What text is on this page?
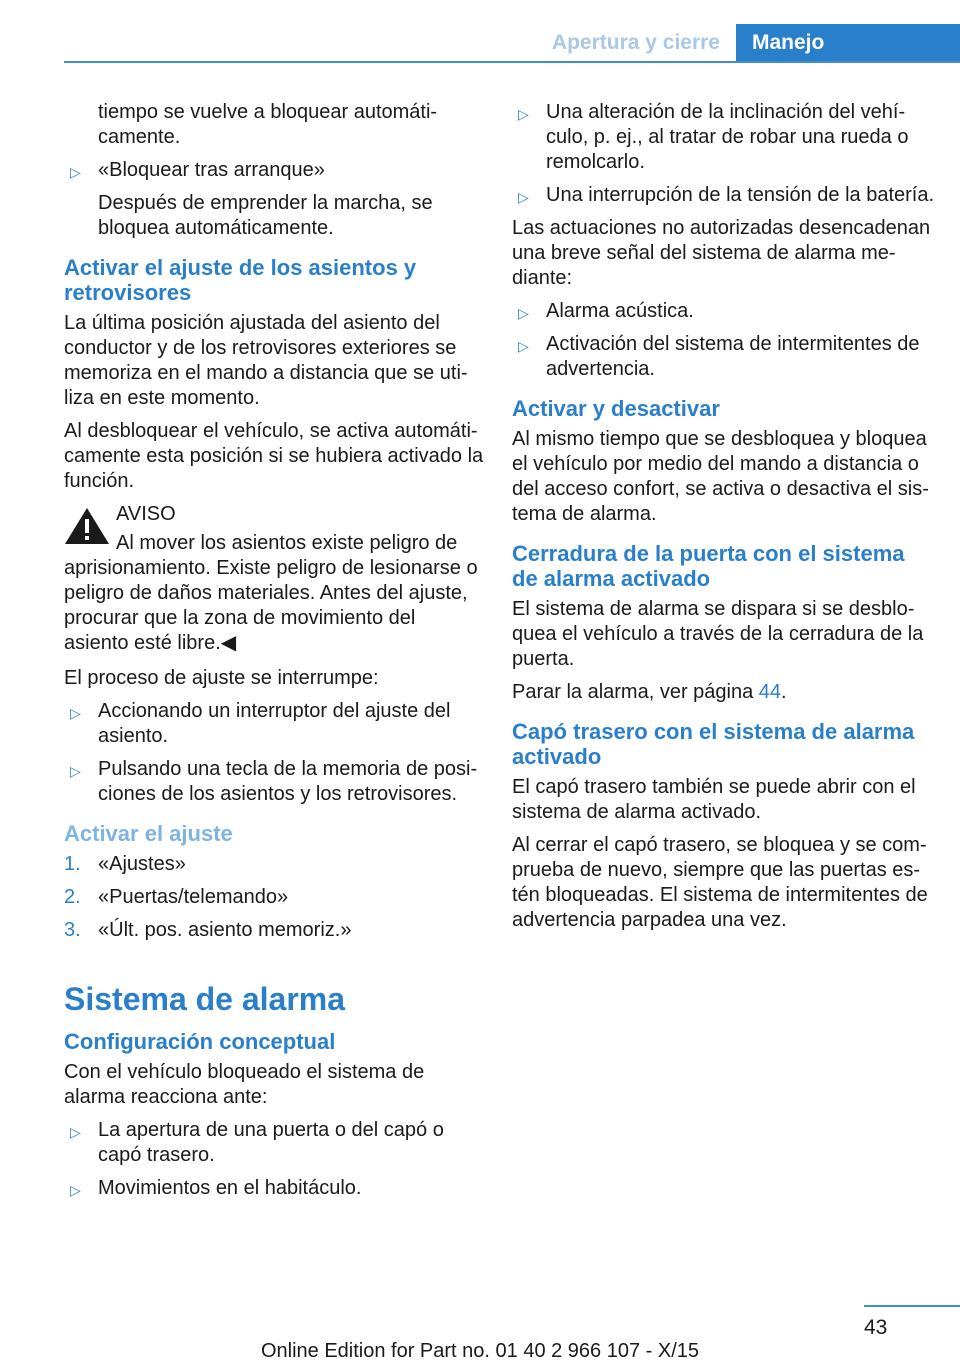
Apertura y cierre	Manejo

tiempo se vuelve a bloquear automáti‐ camente.

▷ «Bloquear tras arranque»

Después de emprender la marcha, se bloquea automáticamente.

Activar el ajuste de los asientos y retrovisores

La última posición ajustada del asiento del conductor y de los retrovisores exteriores se memoriza en el mando a distancia que se uti‐ liza en este momento.

Al desbloquear el vehículo, se activa automáti‐ camente esta posición si se hubiera activado la función.

AVISO

Al mover los asientos existe peligro de aprisionamiento. Existe peligro de lesionarse o peligro de daños materiales. Antes del ajuste, procurar que la zona de movimiento del asiento esté libre.◀

El proceso de ajuste se interrumpe:

▷ Accionando un interruptor del ajuste del asiento.
▷ Pulsando una tecla de la memoria de posi‐ ciones de los asientos y los retrovisores.
Activar el ajuste
1. «Ajustes»
2. «Puertas/telemando»
3. «Últ. pos. asiento memoriz.»
Sistema de alarma
Configuración conceptual

Con el vehículo bloqueado el sistema de alarma reacciona ante:

▷ La apertura de una puerta o del capó o capó trasero.
▷ Movimientos en el habitáculo.
▷ Una alteración de la inclinación del vehí‐ culo, p. ej., al tratar de robar una rueda o remolcarlo.
▷ Una interrupción de la tensión de la batería.

Las actuaciones no autorizadas desencadenan una breve señal del sistema de alarma me‐ diante:

▷ Alarma acústica.
▷ Activación del sistema de intermitentes de advertencia.
Activar y desactivar

Al mismo tiempo que se desbloquea y bloquea el vehículo por medio del mando a distancia o del acceso confort, se activa o desactiva el sis‐ tema de alarma.

Cerradura de la puerta con el sistema de alarma activado

El sistema de alarma se dispara si se desblo‐ quea el vehículo a través de la cerradura de la puerta.

Parar la alarma, ver página 44.

Capó trasero con el sistema de alarma activado

El capó trasero también se puede abrir con el sistema de alarma activado.

Al cerrar el capó trasero, se bloquea y se com‐ prueba de nuevo, siempre que las puertas es‐ tén bloqueadas. El sistema de intermitentes de advertencia parpadea una vez.

43
Online Edition for Part no. 01 40 2 966 107 - X/15
